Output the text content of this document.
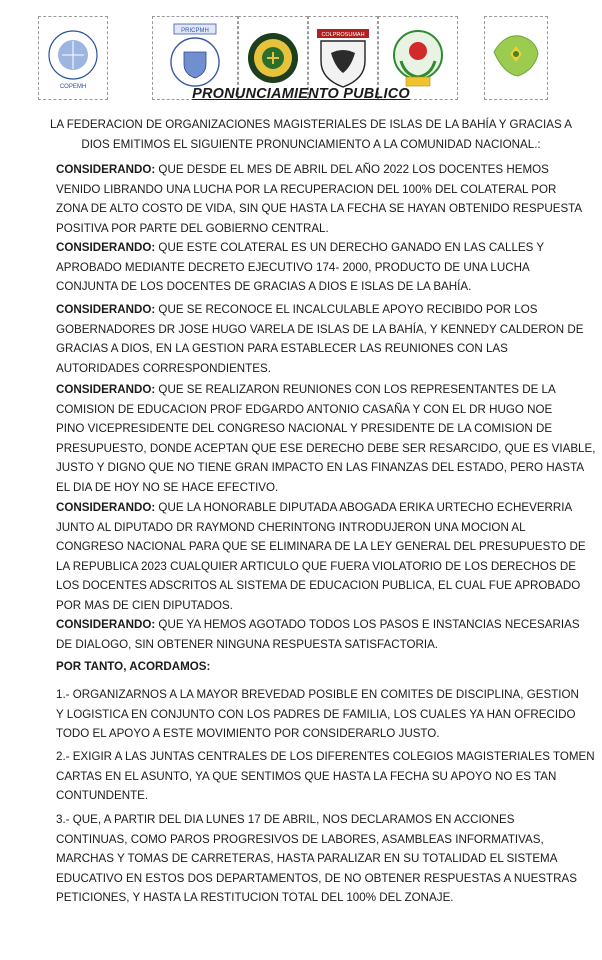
COPEMH
PRICPMH
COLPROSUMAH
PRONUNCIAMIENTO PUBLICO
LA FEDERACION DE ORGANIZACIONES MAGISTERIALES DE ISLAS DE LA BAHÍA Y GRACIAS A
DIOS EMITIMOS EL SIGUIENTE PRONUNCIAMIENTO A LA COMUNIDAD NACIONAL.:
CONSIDERANDO: QUE DESDE EL MES DE ABRIL DEL AÑO 2022 LOS DOCENTES HEMOS
VENIDO LIBRANDO UNA LUCHA POR LA RECUPERACION DEL 100% DEL COLATERAL POR
ZONA DE ALTO COSTO DE VIDA, SIN QUE HASTA LA FECHA SE HAYAN OBTENIDO RESPUESTA
POSITIVA POR PARTE DEL GOBIERNO CENTRAL.
CONSIDERANDO: QUE ESTE COLATERAL ES UN DERECHO GANADO EN LAS CALLES Y
APROBADO MEDIANTE DECRETO EJECUTIVO 174- 2000, PRODUCTO DE UNA LUCHA
CONJUNTA DE LOS DOCENTES DE GRACIAS A DIOS E ISLAS DE LA BAHÍA.
CONSIDERANDO: QUE SE RECONOCE EL INCALCULABLE APOYO RECIBIDO POR LOS
GOBERNADORES DR JOSE HUGO VARELA DE ISLAS DE LA BAHÍA, Y KENNEDY CALDERON DE
GRACIAS A DIOS, EN LA GESTION PARA ESTABLECER LAS REUNIONES CON LAS
AUTORIDADES CORRESPONDIENTES.
CONSIDERANDO: QUE SE REALIZARON REUNIONES CON LOS REPRESENTANTES DE LA
COMISION DE EDUCACION PROF EDGARDO ANTONIO CASAÑA Y CON EL DR HUGO NOE
PINO VICEPRESIDENTE DEL CONGRESO NACIONAL Y PRESIDENTE DE LA COMISION DE
PRESUPUESTO, DONDE ACEPTAN QUE ESE DERECHO DEBE SER RESARCIDO, QUE ES VIABLE,
JUSTO Y DIGNO QUE NO TIENE GRAN IMPACTO EN LAS FINANZAS DEL ESTADO, PERO HASTA
EL DIA DE HOY NO SE HACE EFECTIVO.
CONSIDERANDO: QUE LA HONORABLE DIPUTADA ABOGADA ERIKA URTECHO ECHEVERRIA
JUNTO AL DIPUTADO DR RAYMOND CHERINTONG INTRODUJERON UNA MOCION AL
CONGRESO NACIONAL PARA QUE SE ELIMINARA DE LA LEY GENERAL DEL PRESUPUESTO DE
LA REPUBLICA 2023 CUALQUIER ARTICULO QUE FUERA VIOLATORIO DE LOS DERECHOS DE
LOS DOCENTES ADSCRITOS AL SISTEMA DE EDUCACION PUBLICA, EL CUAL FUE APROBADO
POR MAS DE CIEN DIPUTADOS.
CONSIDERANDO: QUE YA HEMOS AGOTADO TODOS LOS PASOS E INSTANCIAS NECESARIAS
DE DIALOGO, SIN OBTENER NINGUNA RESPUESTA SATISFACTORIA.
POR TANTO, ACORDAMOS:
1.- ORGANIZARNOS A LA MAYOR BREVEDAD POSIBLE EN COMITES DE DISCIPLINA, GESTION
Y LOGISTICA EN CONJUNTO CON LOS PADRES DE FAMILIA, LOS CUALES YA HAN OFRECIDO
TODO EL APOYO A ESTE MOVIMIENTO POR CONSIDERARLO JUSTO.
2.- EXIGIR A LAS JUNTAS CENTRALES DE LOS DIFERENTES COLEGIOS MAGISTERIALES TOMEN
CARTAS EN EL ASUNTO, YA QUE SENTIMOS QUE HASTA LA FECHA SU APOYO NO ES TAN
CONTUNDENTE.
3.- QUE, A PARTIR DEL DIA LUNES 17 DE ABRIL, NOS DECLARAMOS EN ACCIONES
CONTINUAS, COMO PAROS PROGRESIVOS DE LABORES, ASAMBLEAS INFORMATIVAS,
MARCHAS Y TOMAS DE CARRETERAS, HASTA PARALIZAR EN SU TOTALIDAD EL SISTEMA
EDUCATIVO EN ESTOS DOS DEPARTAMENTOS, DE NO OBTENER RESPUESTAS A NUESTRAS
PETICIONES, Y HASTA LA RESTITUCION TOTAL DEL 100% DEL ZONAJE.
